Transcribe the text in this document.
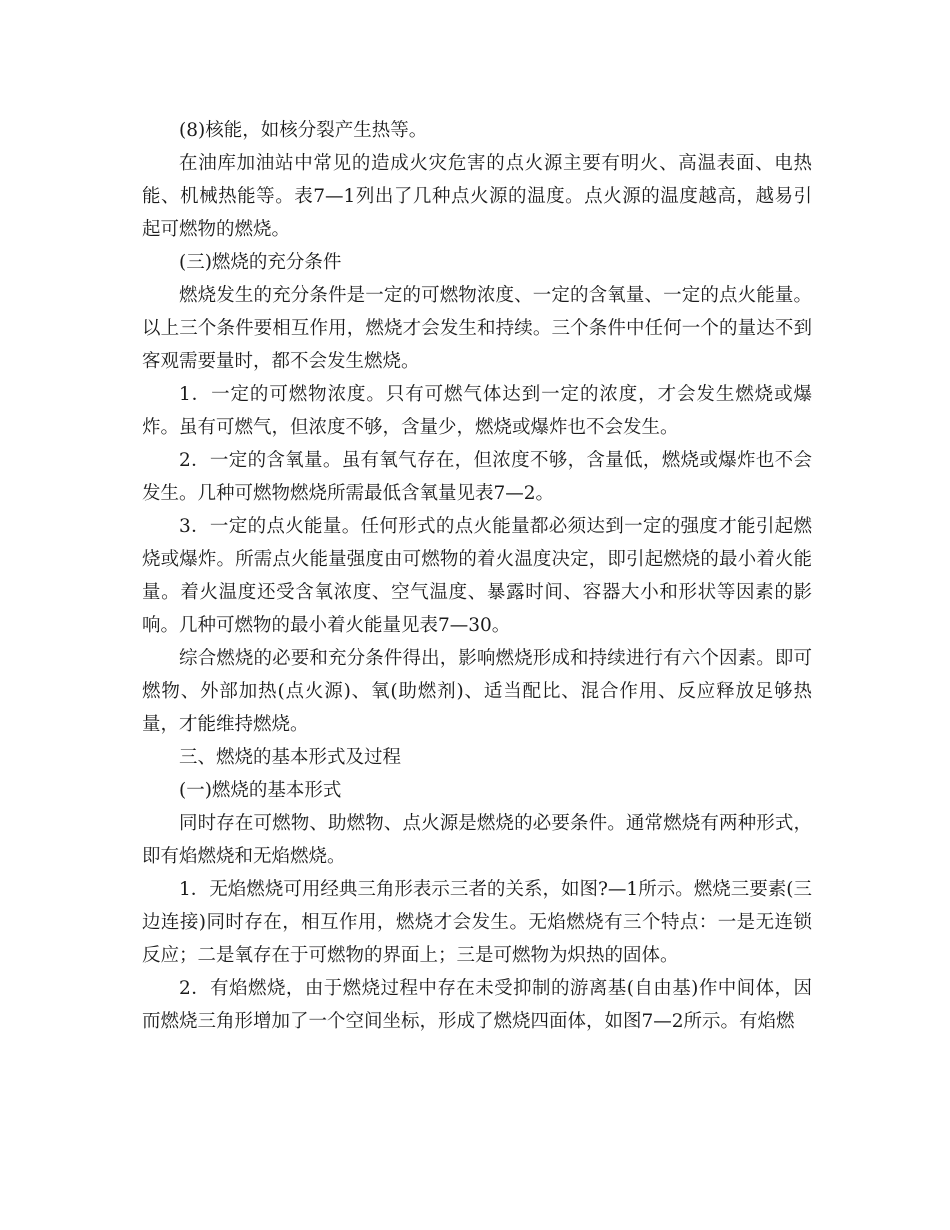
(8)核能，如核分裂产生热等。

在油库加油站中常见的造成火灾危害的点火源主要有明火、高温表面、电热能、机械热能等。表7—1列出了几种点火源的温度。点火源的温度越高，越易引起可燃物的燃烧。

(三)燃烧的充分条件

燃烧发生的充分条件是一定的可燃物浓度、一定的含氧量、一定的点火能量。以上三个条件要相互作用，燃烧才会发生和持续。三个条件中任何一个的量达不到客观需要量时，都不会发生燃烧。

1．一定的可燃物浓度。只有可燃气体达到一定的浓度，才会发生燃烧或爆炸。虽有可燃气，但浓度不够，含量少，燃烧或爆炸也不会发生。

2．一定的含氧量。虽有氧气存在，但浓度不够，含量低，燃烧或爆炸也不会发生。几种可燃物燃烧所需最低含氧量见表7—2。

3．一定的点火能量。任何形式的点火能量都必须达到一定的强度才能引起燃烧或爆炸。所需点火能量强度由可燃物的着火温度决定，即引起燃烧的最小着火能量。着火温度还受含氧浓度、空气温度、暴露时间、容器大小和形状等因素的影响。几种可燃物的最小着火能量见表7—30。

综合燃烧的必要和充分条件得出，影响燃烧形成和持续进行有六个因素。即可燃物、外部加热(点火源)、氧(助燃剂)、适当配比、混合作用、反应释放足够热量，才能维持燃烧。

三、燃烧的基本形式及过程

(一)燃烧的基本形式

同时存在可燃物、助燃物、点火源是燃烧的必要条件。通常燃烧有两种形式，即有焰燃烧和无焰燃烧。

1．无焰燃烧可用经典三角形表示三者的关系，如图?—1所示。燃烧三要素(三边连接)同时存在，相互作用，燃烧才会发生。无焰燃烧有三个特点：一是无连锁反应；二是氧存在于可燃物的界面上；三是可燃物为炽热的固体。

2．有焰燃烧，由于燃烧过程中存在未受抑制的游离基(自由基)作中间体，因而燃烧三角形增加了一个空间坐标，形成了燃烧四面体，如图7—2所示。有焰燃
